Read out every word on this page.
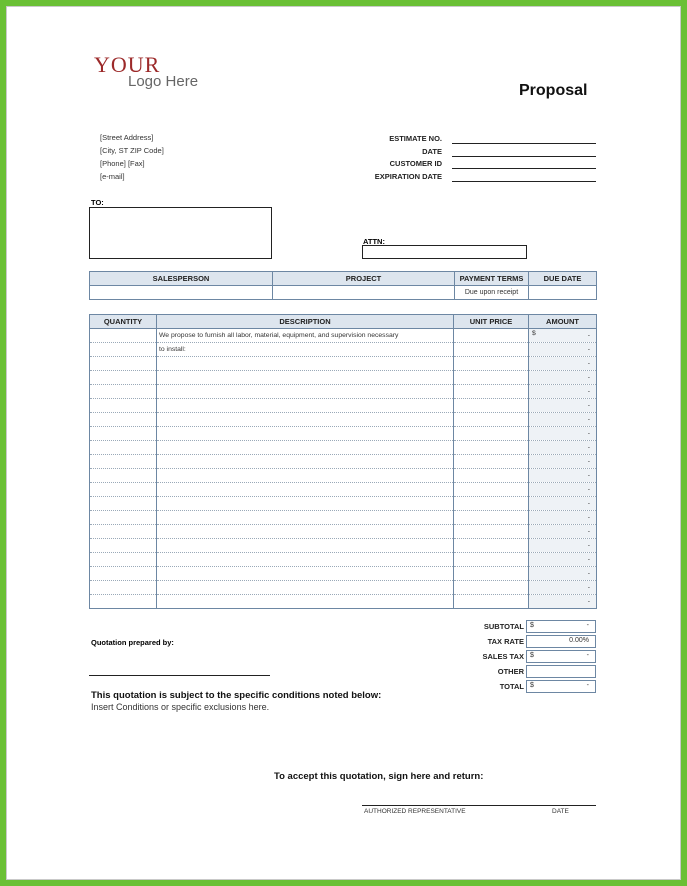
YOUR
Logo Here
Proposal
[Street Address]
[City, ST ZIP Code]
[Phone] [Fax]
[e-mail]
ESTIMATE NO.
DATE
CUSTOMER ID
EXPIRATION DATE
TO:
ATTN:
SALESPERSON	PROJECT	PAYMENT TERMS	DUE DATE
		Due upon receipt	
QUANTITY	DESCRIPTION	UNIT PRICE	AMOUNT
	We propose to furnish all labor, material, equipment, and supervision necessary		$ -
	to install:		-
			-
			-
			-
			-
			-
			-
			-
			-
			-
			-
			-
			-
			-
			-
			-
			-
			-
			-
Quotation prepared by:
This quotation is subject to the specific conditions noted below:
Insert Conditions or specific exclusions here.
To accept this quotation, sign here and return:
AUTHORIZED REPRESENTATIVE	DATE
SUBTOTAL $	-
TAX RATE	0.00%
SALES TAX $	-
OTHER
TOTAL $	-
